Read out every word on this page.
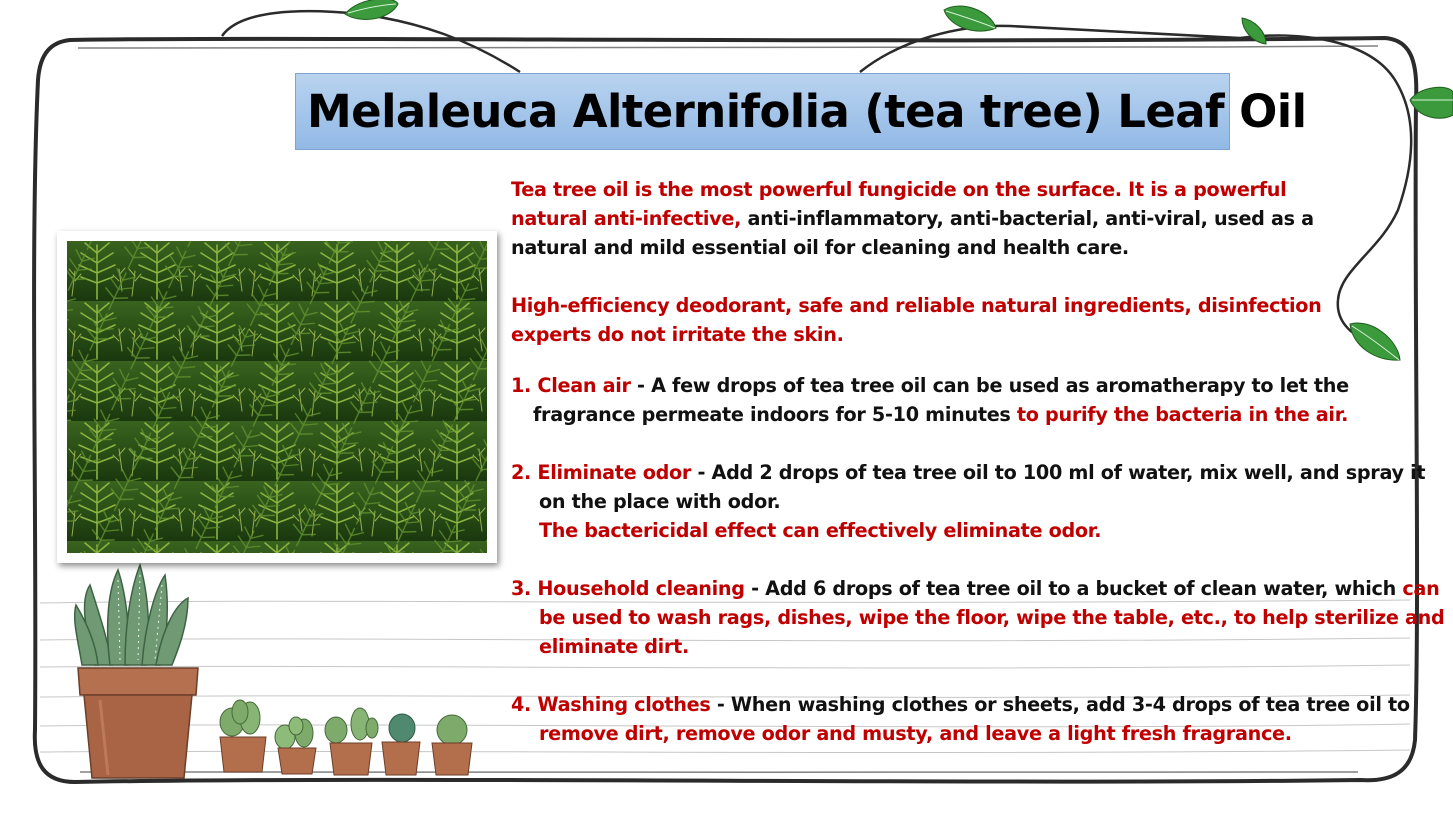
Melaleuca Alternifolia (tea tree) Leaf Oil

Tea tree oil is the most powerful fungicide on the surface. It is a powerful
natural anti-infective, anti-inflammatory, anti-bacterial, anti-viral, used as a
natural and mild essential oil for cleaning and health care.

High-efficiency deodorant, safe and reliable natural ingredients, disinfection
experts do not irritate the skin.

1. Clean air - A few drops of tea tree oil can be used as aromatherapy to let the
fragrance permeate indoors for 5-10 minutes to purify the bacteria in the air.

2. Eliminate odor - Add 2 drops of tea tree oil to 100 ml of water, mix well, and spray it
on the place with odor.
The bactericidal effect can effectively eliminate odor.

3. Household cleaning - Add 6 drops of tea tree oil to a bucket of clean water, which can
be used to wash rags, dishes, wipe the floor, wipe the table, etc., to help sterilize and
eliminate dirt.

4. Washing clothes - When washing clothes or sheets, add 3-4 drops of tea tree oil to
remove dirt, remove odor and musty, and leave a light fresh fragrance.
